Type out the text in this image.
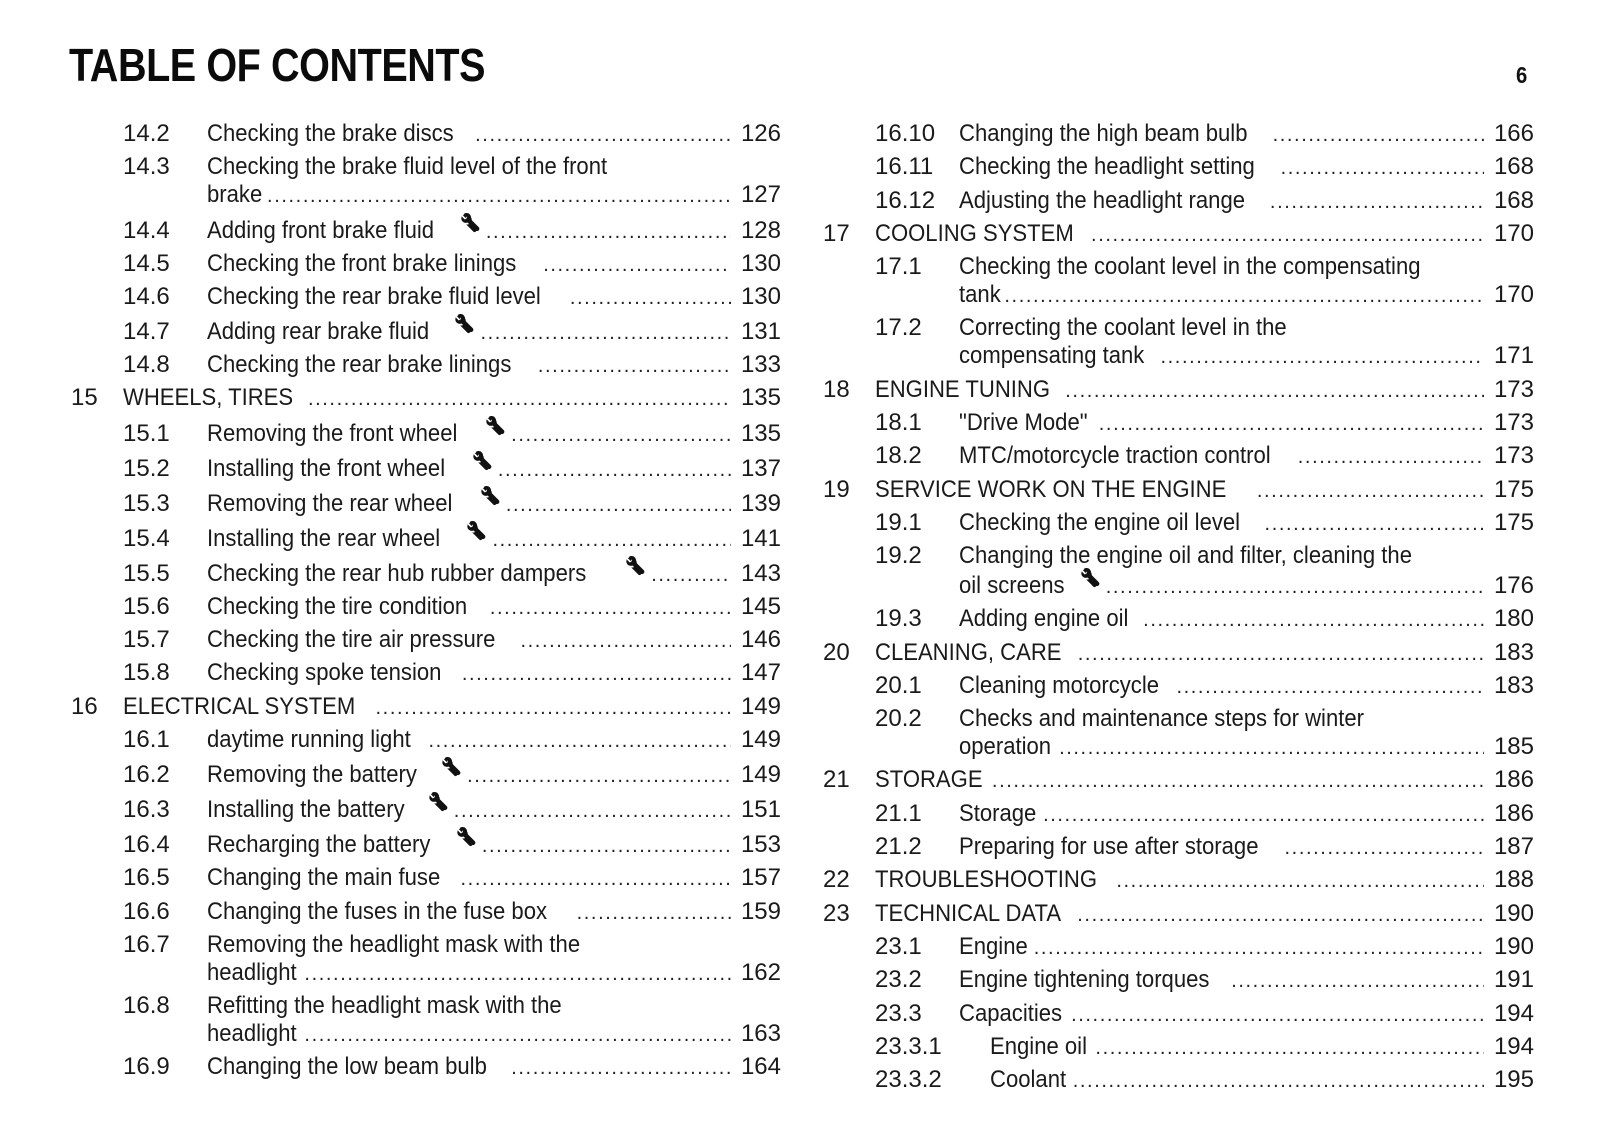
TABLE OF CONTENTS	6
14.2 Checking the brake discs .....	126
14.3 Checking the brake fluid level of the front
brake .....	127
14.4 Adding front brake fluid .....	128
14.5 Checking the front brake linings .....	130
14.6 Checking the rear brake fluid level .....	130
14.7 Adding rear brake fluid .....	131
14.8 Checking the rear brake linings .....	133
15 WHEELS, TIRES .....	135
15.1 Removing the front wheel .....	135
15.2 Installing the front wheel .....	137
15.3 Removing the rear wheel .....	139
15.4 Installing the rear wheel .....	141
15.5 Checking the rear hub rubber dampers .....	143
15.6 Checking the tire condition .....	145
15.7 Checking the tire air pressure .....	146
15.8 Checking spoke tension .....	147
16 ELECTRICAL SYSTEM .....	149
16.1 daytime running light .....	149
16.2 Removing the battery .....	149
16.3 Installing the battery .....	151
16.4 Recharging the battery .....	153
16.5 Changing the main fuse .....	157
16.6 Changing the fuses in the fuse box .....	159
16.7 Removing the headlight mask with the
headlight .....	162
16.8 Refitting the headlight mask with the
headlight .....	163
16.9 Changing the low beam bulb .....	164
16.10 Changing the high beam bulb .....	166
16.11 Checking the headlight setting .....	168
16.12 Adjusting the headlight range .....	168
17 COOLING SYSTEM .....	170
17.1 Checking the coolant level in the compensating
tank .....	170
17.2 Correcting the coolant level in the
compensating tank .....	171
18 ENGINE TUNING .....	173
18.1 "Drive Mode" .....	173
18.2 MTC/motorcycle traction control .....	173
19 SERVICE WORK ON THE ENGINE .....	175
19.1 Checking the engine oil level .....	175
19.2 Changing the engine oil and filter, cleaning the
oil screens .....	176
19.3 Adding engine oil .....	180
20 CLEANING, CARE .....	183
20.1 Cleaning motorcycle .....	183
20.2 Checks and maintenance steps for winter
operation .....	185
21 STORAGE .....	186
21.1 Storage .....	186
21.2 Preparing for use after storage .....	187
22 TROUBLESHOOTING .....	188
23 TECHNICAL DATA .....	190
23.1 Engine .....	190
23.2 Engine tightening torques .....	191
23.3 Capacities .....	194
23.3.1 Engine oil .....	194
23.3.2 Coolant .....	195
